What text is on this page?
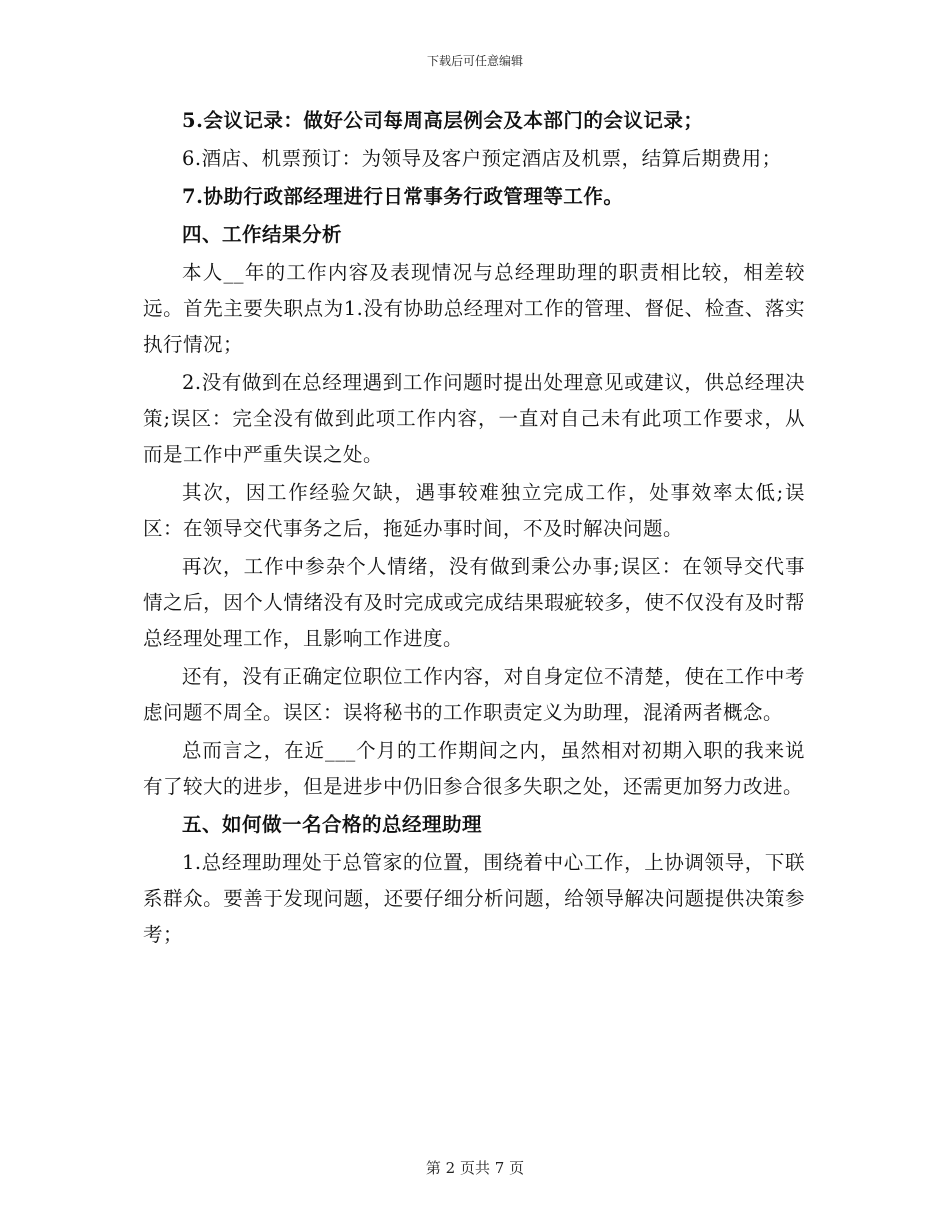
下载后可任意编辑

5.会议记录：做好公司每周高层例会及本部门的会议记录；

6.酒店、机票预订：为领导及客户预定酒店及机票，结算后期费用；

7.协助行政部经理进行日常事务行政管理等工作。

四、工作结果分析

本人__年的工作内容及表现情况与总经理助理的职责相比较，相差较远。首先主要失职点为1.没有协助总经理对工作的管理、督促、检查、落实执行情况；

2.没有做到在总经理遇到工作问题时提出处理意见或建议，供总经理决策;误区：完全没有做到此项工作内容，一直对自己未有此项工作要求，从而是工作中严重失误之处。

其次，因工作经验欠缺，遇事较难独立完成工作，处事效率太低;误区：在领导交代事务之后，拖延办事时间，不及时解决问题。

再次，工作中参杂个人情绪，没有做到秉公办事;误区：在领导交代事情之后，因个人情绪没有及时完成或完成结果瑕疵较多，使不仅没有及时帮总经理处理工作，且影响工作进度。

还有，没有正确定位职位工作内容，对自身定位不清楚，使在工作中考虑问题不周全。误区：误将秘书的工作职责定义为助理，混淆两者概念。

总而言之，在近___个月的工作期间之内，虽然相对初期入职的我来说有了较大的进步，但是进步中仍旧参合很多失职之处，还需更加努力改进。

五、如何做一名合格的总经理助理

1.总经理助理处于总管家的位置，围绕着中心工作，上协调领导，下联系群众。要善于发现问题，还要仔细分析问题，给领导解决问题提供决策参考；

第 2 页共 7 页
